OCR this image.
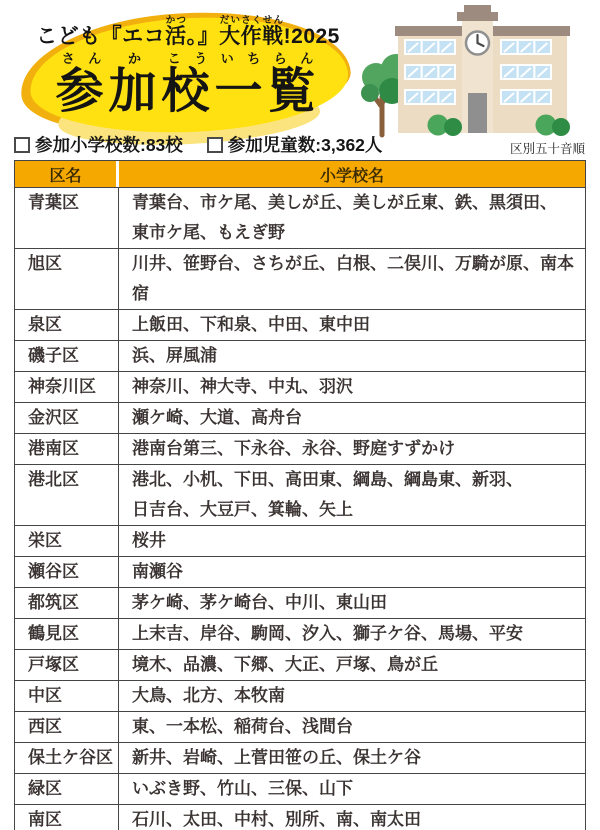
こども『エコ活かつ。』大だい作さく戦せん!2025
参さん加か校こう一いち覧らん
参加小学校数:83校	参加児童数:3,362人	区別五十音順
区名	小学校名
青葉区	青葉台、市ケ尾、美しが丘、美しが丘東、鉄、黒須田、
東市ケ尾、もえぎ野
旭区	川井、笹野台、さちが丘、白根、二俣川、万騎が原、南本宿
泉区	上飯田、下和泉、中田、東中田
磯子区	浜、屏風浦
神奈川区	神奈川、神大寺、中丸、羽沢
金沢区	瀬ケ崎、大道、高舟台
港南区	港南台第三、下永谷、永谷、野庭すずかけ
港北区	港北、小机、下田、高田東、綱島、綱島東、新羽、
日吉台、大豆戸、箕輪、矢上
栄区	桜井
瀬谷区	南瀬谷
都筑区	茅ケ崎、茅ケ崎台、中川、東山田
鶴見区	上末吉、岸谷、駒岡、汐入、獅子ケ谷、馬場、平安
戸塚区	境木、品濃、下郷、大正、戸塚、鳥が丘
中区	大鳥、北方、本牧南
西区	東、一本松、稲荷台、浅間台
保土ケ谷区	新井、岩崎、上菅田笹の丘、保土ケ谷
緑区	いぶき野、竹山、三保、山下
南区	石川、太田、中村、別所、南、南太田
